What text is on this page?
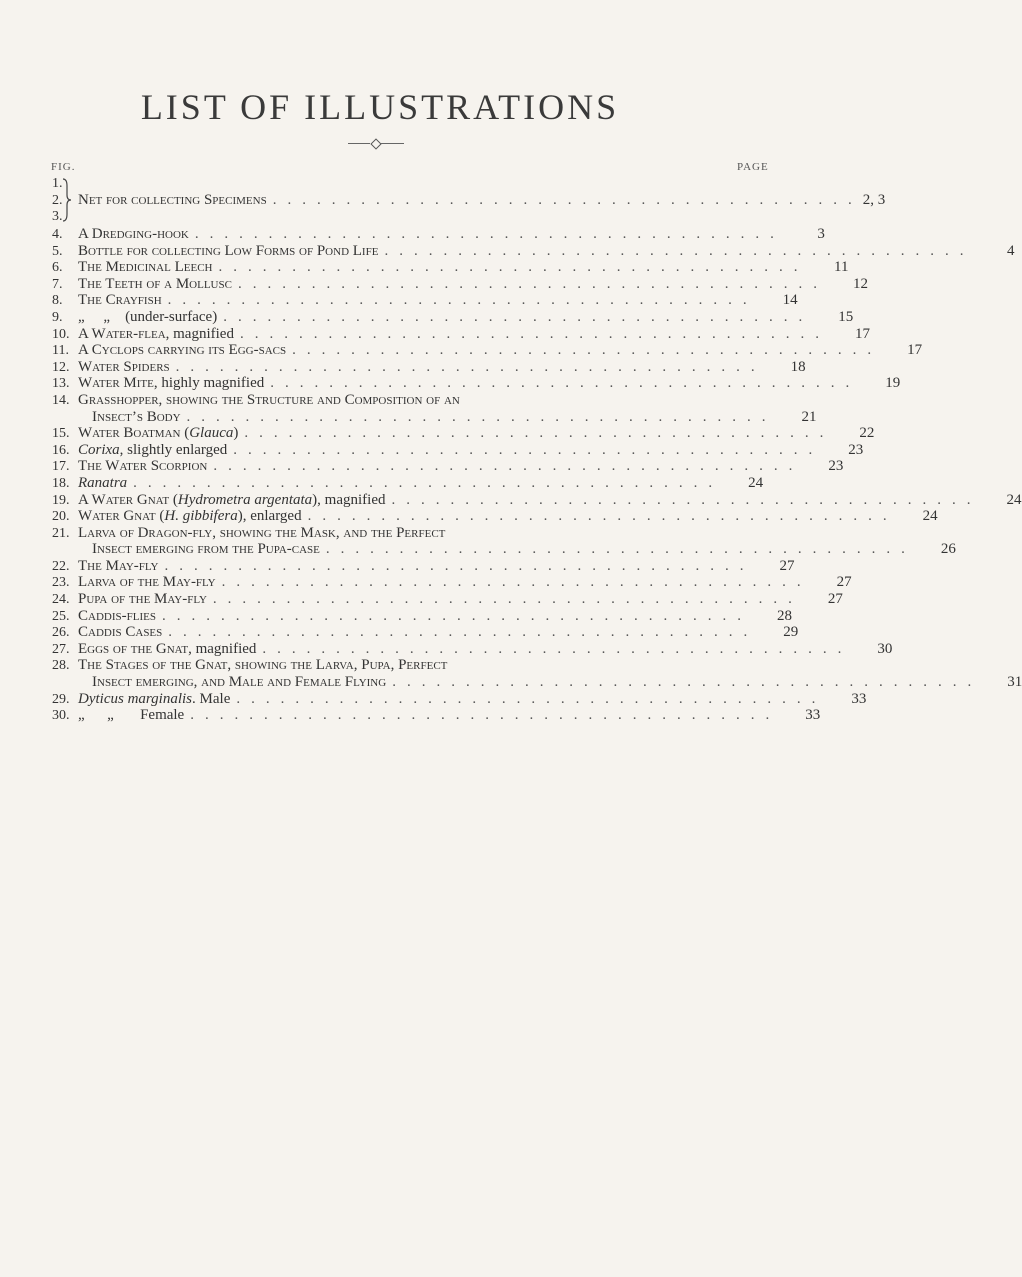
LIST OF ILLUSTRATIONS
FIG.	PAGE
1.
2.
3.
Net for collecting Specimens ........................................ 2, 3
4.	A Dredging-hook ........................................	3
5.	Bottle for collecting Low Forms of Pond Life ........................................	4
6.	The Medicinal Leech ........................................	11
7.	The Teeth of a Mollusc ........................................	12
8.	The Crayfish ........................................	14
9.	„     „    (under-surface) ........................................	15
10. A Water-flea, magnified ........................................	17
11. A Cyclops carrying its Egg-sacs ........................................	17
12. Water Spiders ........................................	18
13. Water Mite, highly magnified ........................................	19
14. Grasshopper, showing the Structure and Composition of an
Insect’s Body ........................................	21
15. Water Boatman (Glauca) ........................................	22
16. Corixa, slightly enlarged ........................................	23
17. The Water Scorpion ........................................	23
18. Ranatra ........................................	24
19. A Water Gnat (Hydrometra argentata), magnified ........................................	24
20. Water Gnat (H. gibbifera), enlarged ........................................	24
21. Larva of Dragon-fly, showing the Mask, and the Perfect
Insect emerging from the Pupa-case ........................................	26
22. The May-fly ........................................	27
23. Larva of the May-fly ........................................	27
24. Pupa of the May-fly ........................................	27
25. Caddis-flies ........................................	28
26. Caddis Cases ........................................	29
27. Eggs of the Gnat, magnified ........................................	30
28. The Stages of the Gnat, showing the Larva, Pupa, Perfect
Insect emerging, and Male and Female Flying ........................................	31
29. Dyticus marginalis. Male ........................................	33
30. „      „       Female ........................................	33
